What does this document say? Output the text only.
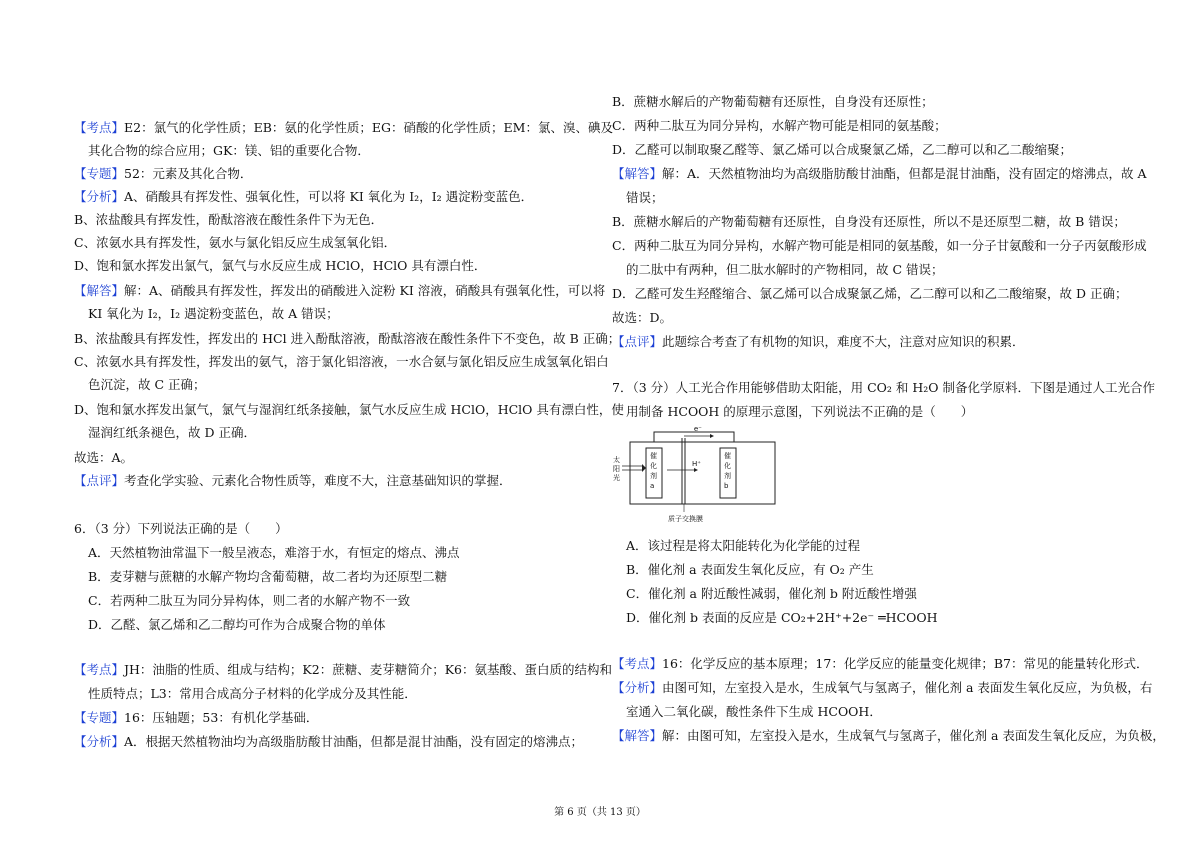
【考点】E2：氯气的化学性质；EB：氨的化学性质；EG：硝酸的化学性质；EM：氯、溴、碘及
其化合物的综合应用；GK：镁、铝的重要化合物．
【专题】52：元素及其化合物．
【分析】A、硝酸具有挥发性、强氧化性，可以将 KI 氧化为 I₂，I₂ 遇淀粉变蓝色．
B、浓盐酸具有挥发性，酚酞溶液在酸性条件下为无色．
C、浓氨水具有挥发性，氨水与氯化铝反应生成氢氧化铝．
D、饱和氯水挥发出氯气，氯气与水反应生成 HClO，HClO 具有漂白性．
【解答】解：A、硝酸具有挥发性，挥发出的硝酸进入淀粉 KI 溶液，硝酸具有强氧化性，可以将
KI 氧化为 I₂，I₂ 遇淀粉变蓝色，故 A 错误；
B、浓盐酸具有挥发性，挥发出的 HCl 进入酚酞溶液，酚酞溶液在酸性条件下不变色，故 B 正确；
C、浓氨水具有挥发性，挥发出的氨气，溶于氯化铝溶液，一水合氨与氯化铝反应生成氢氧化铝白
色沉淀，故 C 正确；
D、饱和氯水挥发出氯气，氯气与湿润红纸条接触，氯气水反应生成 HClO，HClO 具有漂白性，使
湿润红纸条褪色，故 D 正确．
故选：A。
【点评】考查化学实验、元素化合物性质等，难度不大，注意基础知识的掌握．
6．（3 分）下列说法正确的是（　　）
A．天然植物油常温下一般呈液态，难溶于水，有恒定的熔点、沸点
B．麦芽糖与蔗糖的水解产物均含葡萄糖，故二者均为还原型二糖
C．若两种二肽互为同分异构体，则二者的水解产物不一致
D．乙醛、氯乙烯和乙二醇均可作为合成聚合物的单体
【考点】JH：油脂的性质、组成与结构；K2：蔗糖、麦芽糖简介；K6：氨基酸、蛋白质的结构和
性质特点；L3：常用合成高分子材料的化学成分及其性能．
【专题】16：压轴题；53：有机化学基础．
【分析】A．根据天然植物油均为高级脂肪酸甘油酯，但都是混甘油酯，没有固定的熔沸点；
B．蔗糖水解后的产物葡萄糖有还原性，自身没有还原性；
C．两种二肽互为同分异构，水解产物可能是相同的氨基酸；
D．乙醛可以制取聚乙醛等、氯乙烯可以合成聚氯乙烯，乙二醇可以和乙二酸缩聚；
【解答】解：A．天然植物油均为高级脂肪酸甘油酯，但都是混甘油酯，没有固定的熔沸点，故 A
错误；
B．蔗糖水解后的产物葡萄糖有还原性，自身没有还原性，所以不是还原型二糖，故 B 错误；
C．两种二肽互为同分异构，水解产物可能是相同的氨基酸，如一分子甘氨酸和一分子丙氨酸形成
的二肽中有两种，但二肽水解时的产物相同，故 C 错误；
D．乙醛可发生羟醛缩合、氯乙烯可以合成聚氯乙烯，乙二醇可以和乙二酸缩聚，故 D 正确；
故选：D。
【点评】此题综合考查了有机物的知识，难度不大，注意对应知识的积累．
7．（3 分）人工光合作用能够借助太阳能，用 CO₂ 和 H₂O 制备化学原料．下图是通过人工光合作
用制备 HCOOH 的原理示意图，下列说法不正确的是（　　）
A．该过程是将太阳能转化为化学能的过程
B．催化剂 a 表面发生氧化反应，有 O₂ 产生
C．催化剂 a 附近酸性减弱，催化剂 b 附近酸性增强
D．催化剂 b 表面的反应是 CO₂+2H⁺+2e⁻ ═HCOOH
【考点】16：化学反应的基本原理；17：化学反应的能量变化规律；B7：常见的能量转化形式．
【分析】由图可知，左室投入是水，生成氧气与氢离子，催化剂 a 表面发生氧化反应，为负极，右
室通入二氧化碳，酸性条件下生成 HCOOH．
【解答】解：由图可知，左室投入是水，生成氧气与氢离子，催化剂 a 表面发生氧化反应，为负极，
e⁻
太
阳
光
催
化
剂
a
催
化
剂
b
H⁺
质子交换膜
第 6 页（共 13 页）
